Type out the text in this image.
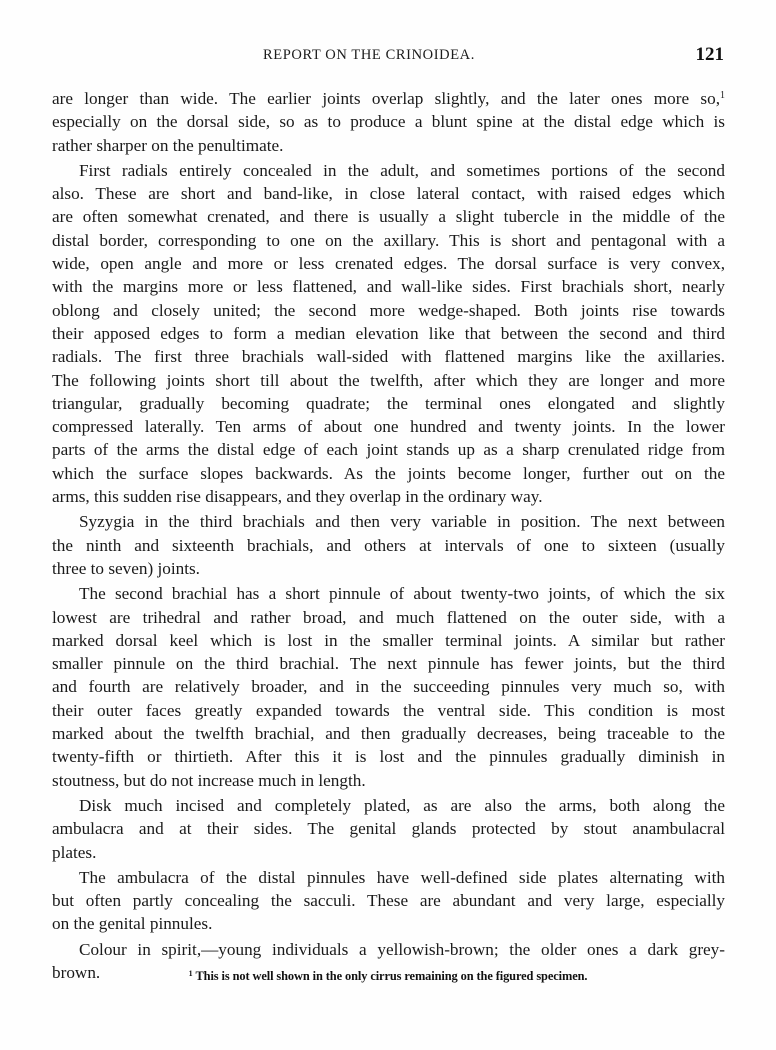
REPORT ON THE CRINOIDEA.	121
are longer than wide. The earlier joints overlap slightly, and the later ones more so,$^1$
especially on the dorsal side, so as to produce a blunt spine at the distal edge which is
rather sharper on the penultimate.
First radials entirely concealed in the adult, and sometimes portions of the second
also. These are short and band-like, in close lateral contact, with raised edges which
are often somewhat crenated, and there is usually a slight tubercle in the middle of the
distal border, corresponding to one on the axillary. This is short and pentagonal with a
wide, open angle and more or less crenated edges. The dorsal surface is very convex,
with the margins more or less flattened, and wall-like sides. First brachials short, nearly
oblong and closely united; the second more wedge-shaped. Both joints rise towards
their apposed edges to form a median elevation like that between the second and third
radials. The first three brachials wall-sided with flattened margins like the axillaries.
The following joints short till about the twelfth, after which they are longer and more
triangular, gradually becoming quadrate; the terminal ones elongated and slightly
compressed laterally. Ten arms of about one hundred and twenty joints. In the lower
parts of the arms the distal edge of each joint stands up as a sharp crenulated ridge from
which the surface slopes backwards. As the joints become longer, further out on the
arms, this sudden rise disappears, and they overlap in the ordinary way.
Syzygia in the third brachials and then very variable in position. The next between
the ninth and sixteenth brachials, and others at intervals of one to sixteen (usually
three to seven) joints.
The second brachial has a short pinnule of about twenty-two joints, of which the six
lowest are trihedral and rather broad, and much flattened on the outer side, with a
marked dorsal keel which is lost in the smaller terminal joints. A similar but rather
smaller pinnule on the third brachial. The next pinnule has fewer joints, but the third
and fourth are relatively broader, and in the succeeding pinnules very much so, with
their outer faces greatly expanded towards the ventral side. This condition is most
marked about the twelfth brachial, and then gradually decreases, being traceable to the
twenty-fifth or thirtieth. After this it is lost and the pinnules gradually diminish in
stoutness, but do not increase much in length.
Disk much incised and completely plated, as are also the arms, both along the
ambulacra and at their sides. The genital glands protected by stout anambulacral
plates.
The ambulacra of the distal pinnules have well-defined side plates alternating with
but often partly concealing the sacculi. These are abundant and very large, especially
on the genital pinnules.
Colour in spirit,—young individuals a yellowish-brown; the older ones a dark grey-
brown.	$^1$ This is not well shown in the only cirrus remaining on the figured specimen.
